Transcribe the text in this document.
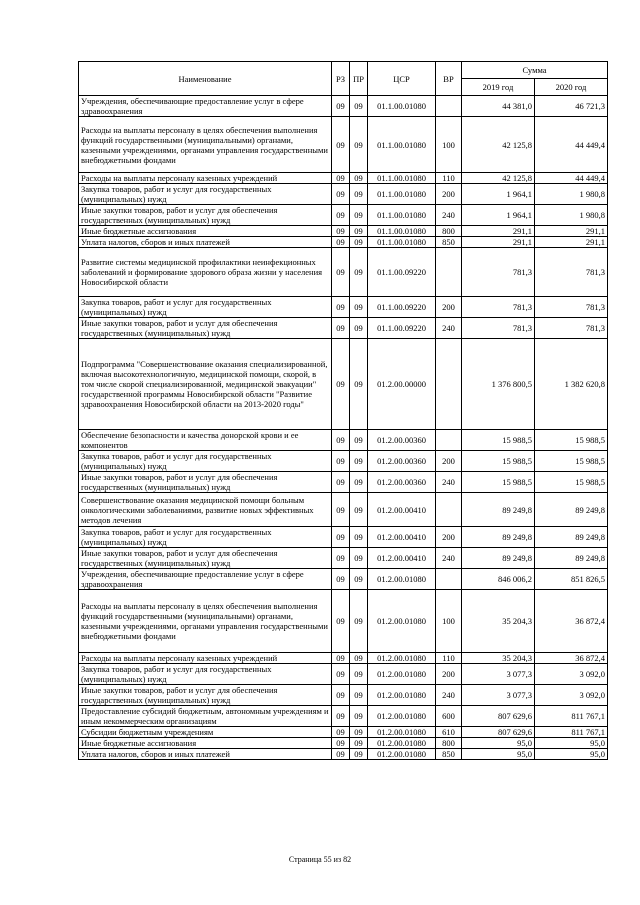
Наименование	РЗ	ПР	ЦСР	ВР	Сумма	
					2019 год	2020 год
Учреждения, обеспечивающие предоставление услуг в сфере здравоохранения	09	09	01.1.00.01080		44 381,0	46 721,3
Расходы на выплаты персоналу в целях обеспечения выполнения функций государственными (муниципальными) органами, казенными учреждениями, органами управления государственными внебюджетными фондами	09	09	01.1.00.01080	100	42 125,8	44 449,4
Расходы на выплаты персоналу казенных учреждений	09	09	01.1.00.01080	110	42 125,8	44 449,4
Закупка товаров, работ и услуг для государственных (муниципальных) нужд	09	09	01.1.00.01080	200	1 964,1	1 980,8
Иные закупки товаров, работ и услуг для обеспечения государственных (муниципальных) нужд	09	09	01.1.00.01080	240	1 964,1	1 980,8
Иные бюджетные ассигнования	09	09	01.1.00.01080	800	291,1	291,1
Уплата налогов, сборов и иных платежей	09	09	01.1.00.01080	850	291,1	291,1
Развитие системы медицинской профилактики неинфекционных заболеваний и формирование здорового образа жизни у населения Новосибирской области	09	09	01.1.00.09220		781,3	781,3
Закупка товаров, работ и услуг для государственных (муниципальных) нужд	09	09	01.1.00.09220	200	781,3	781,3
Иные закупки товаров, работ и услуг для обеспечения государственных (муниципальных) нужд	09	09	01.1.00.09220	240	781,3	781,3
Подпрограмма "Совершенствование оказания специализированной, включая высокотехнологичную, медицинской помощи, скорой, в том числе скорой специализированной, медицинской эвакуации" государственной программы Новосибирской области "Развитие здравоохранения Новосибирской области на 2013-2020 годы"	09	09	01.2.00.00000		1 376 800,5	1 382 620,8
Обеспечение безопасности и качества донорской крови и ее компонентов	09	09	01.2.00.00360		15 988,5	15 988,5
Закупка товаров, работ и услуг для государственных (муниципальных) нужд	09	09	01.2.00.00360	200	15 988,5	15 988,5
Иные закупки товаров, работ и услуг для обеспечения государственных (муниципальных) нужд	09	09	01.2.00.00360	240	15 988,5	15 988,5
Совершенствование оказания медицинской помощи больным онкологическими заболеваниями, развитие новых эффективных методов лечения	09	09	01.2.00.00410		89 249,8	89 249,8
Закупка товаров, работ и услуг для государственных (муниципальных) нужд	09	09	01.2.00.00410	200	89 249,8	89 249,8
Иные закупки товаров, работ и услуг для обеспечения государственных (муниципальных) нужд	09	09	01.2.00.00410	240	89 249,8	89 249,8
Учреждения, обеспечивающие предоставление услуг в сфере здравоохранения	09	09	01.2.00.01080		846 006,2	851 826,5
Расходы на выплаты персоналу в целях обеспечения выполнения функций государственными (муниципальными) органами, казенными учреждениями, органами управления государственными внебюджетными фондами	09	09	01.2.00.01080	100	35 204,3	36 872,4
Расходы на выплаты персоналу казенных учреждений	09	09	01.2.00.01080	110	35 204,3	36 872,4
Закупка товаров, работ и услуг для государственных (муниципальных) нужд	09	09	01.2.00.01080	200	3 077,3	3 092,0
Иные закупки товаров, работ и услуг для обеспечения государственных (муниципальных) нужд	09	09	01.2.00.01080	240	3 077,3	3 092,0
Предоставление субсидий бюджетным, автономным учреждениям и иным некоммерческим организациям	09	09	01.2.00.01080	600	807 629,6	811 767,1
Субсидии бюджетным учреждениям	09	09	01.2.00.01080	610	807 629,6	811 767,1
Иные бюджетные ассигнования	09	09	01.2.00.01080	800	95,0	95,0
Уплата налогов, сборов и иных платежей	09	09	01.2.00.01080	850	95,0	95,0
Страница 55 из 82
